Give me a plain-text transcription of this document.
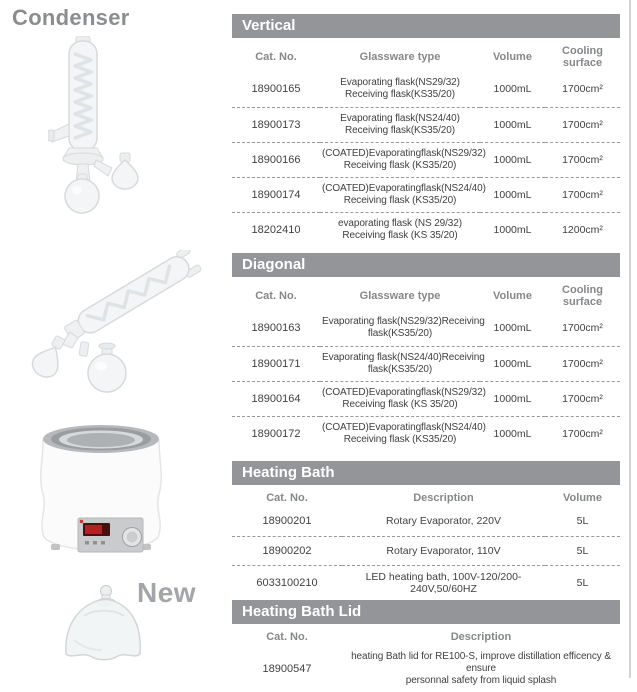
Condenser
New
Vertical
Cat. No.	Glassware type	Volume	Cooling
surface
18900165	Evaporating flask(NS29/32)
Receiving flask(KS35/20)	1000mL	1700cm²
18900173	Evaporating flask(NS24/40)
Receiving flask(KS35/20)	1000mL	1700cm²
18900166	(COATED)Evaporatingflask(NS29/32)
Receiving flask (KS35/20)	1000mL	1700cm²
18900174	(COATED)Evaporatingflask(NS24/40)
Receiving flask (KS35/20)	1000mL	1700cm²
18202410	evaporating flask (NS 29/32)
Receiving flask (KS 35/20)	1000mL	1200cm²
Diagonal
Cat. No.	Glassware type	Volume	Cooling
surface
18900163	Evaporating flask(NS29/32)Receiving
flask(KS35/20)	1000mL	1700cm²
18900171	Evaporating flask(NS24/40)Receiving
flask(KS35/20)	1000mL	1700cm²
18900164	(COATED)Evaporatingflask(NS29/32)
Receiving flask (KS 35/20)	1000mL	1700cm²
18900172	(COATED)Evaporatingflask(NS24/40)
Receiving flask (KS35/20)	1000mL	1700cm²
Heating Bath
Cat. No.	Description	Volume
18900201	Rotary Evaporator, 220V	5L
18900202	Rotary Evaporator, 110V	5L
6033100210	LED heating bath, 100V-120/200-240V,50/60HZ	5L
Heating Bath Lid
Cat. No.	Description
18900547	heating Bath lid for RE100-S, improve distillation efficency & ensure
personnal safety from liquid splash
